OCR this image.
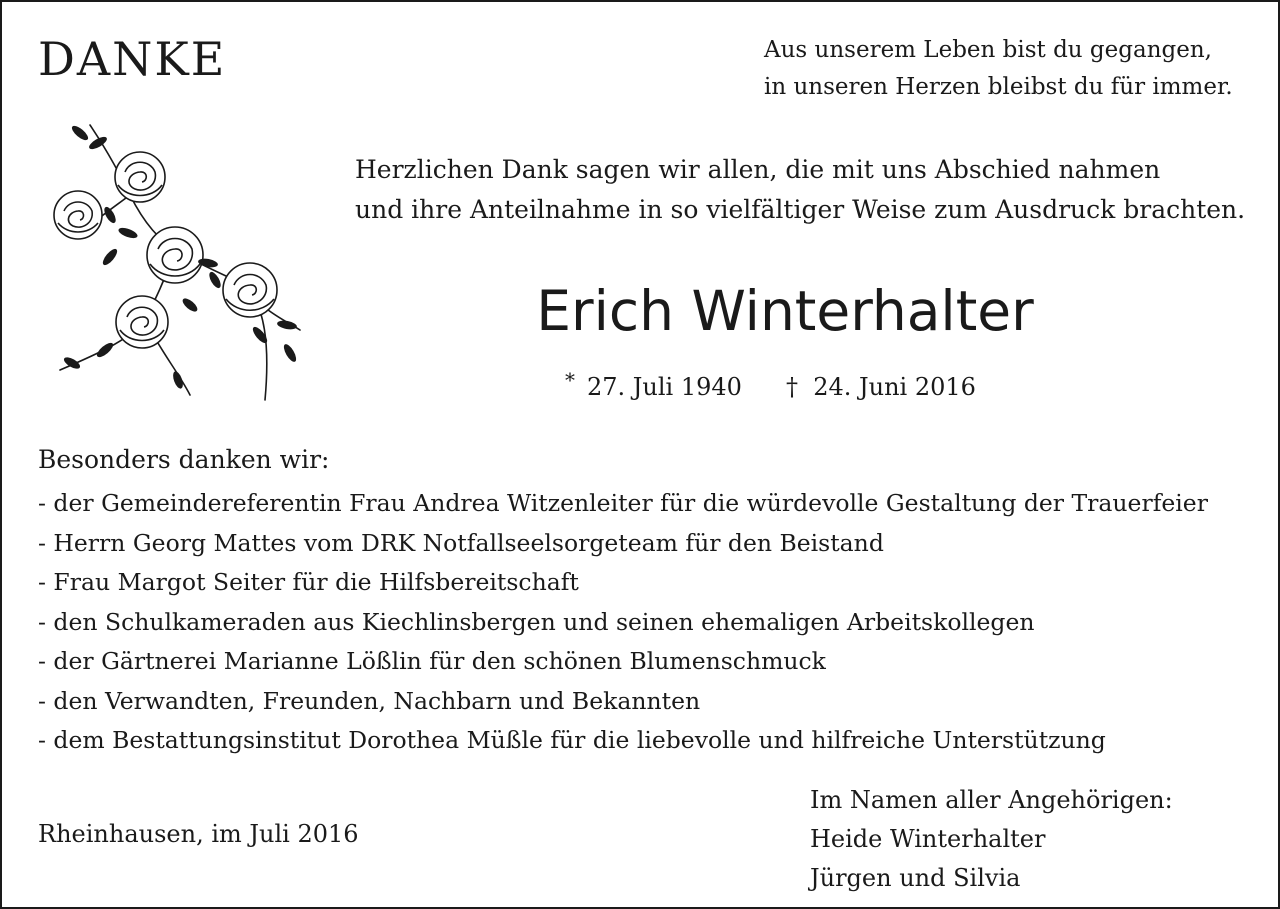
DANKE	Aus unserem Leben bist du gegangen,
in unseren Herzen bleibst du für immer.
Herzlichen Dank sagen wir allen, die mit uns Abschied nahmen
und ihre Anteilnahme in so vielfältiger Weise zum Ausdruck brachten.
Erich Winterhalter
* 27. Juli 1940 † 24. Juni 2016
Besonders danken wir:
- der Gemeindereferentin Frau Andrea Witzenleiter für die würdevolle Gestaltung der Trauerfeier
- Herrn Georg Mattes vom DRK Notfallseelsorgeteam für den Beistand
- Frau Margot Seiter für die Hilfsbereitschaft
- den Schulkameraden aus Kiechlinsbergen und seinen ehemaligen Arbeitskollegen
- der Gärtnerei Marianne Lößlin für den schönen Blumenschmuck
- den Verwandten, Freunden, Nachbarn und Bekannten
- dem Bestattungsinstitut Dorothea Müßle für die liebevolle und hilfreiche Unterstützung
Rheinhausen, im Juli 2016
Im Namen aller Angehörigen:
Heide Winterhalter
Jürgen und Silvia
